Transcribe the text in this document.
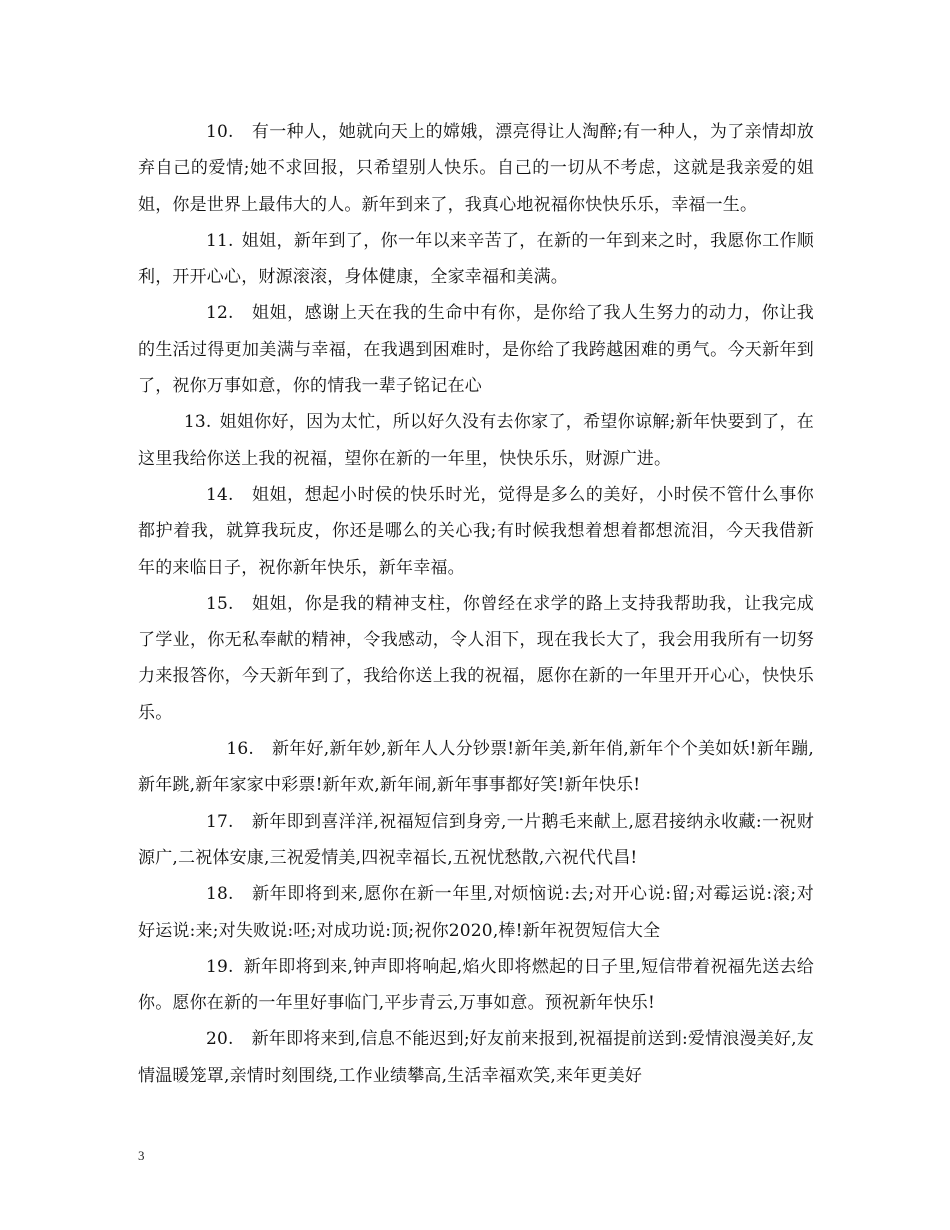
10. 有一种人，她就向天上的嫦娥，漂亮得让人淘醉;有一种人，为了亲情却放弃自己的爱情;她不求回报，只希望别人快乐。自己的一切从不考虑，这就是我亲爱的姐姐，你是世界上最伟大的人。新年到来了，我真心地祝福你快快乐乐，幸福一生。

11. 姐姐，新年到了，你一年以来辛苦了，在新的一年到来之时，我愿你工作顺利，开开心心，财源滚滚，身体健康，全家幸福和美满。

12. 姐姐，感谢上天在我的生命中有你，是你给了我人生努力的动力，你让我的生活过得更加美满与幸福，在我遇到困难时，是你给了我跨越困难的勇气。今天新年到了，祝你万事如意，你的情我一辈子铭记在心

13. 姐姐你好，因为太忙，所以好久没有去你家了，希望你谅解;新年快要到了，在这里我给你送上我的祝福，望你在新的一年里，快快乐乐，财源广进。

14. 姐姐，想起小时侯的快乐时光，觉得是多么的美好，小时侯不管什么事你都护着我，就算我玩皮，你还是哪么的关心我;有时候我想着想着都想流泪，今天我借新年的来临日子，祝你新年快乐，新年幸福。

15. 姐姐，你是我的精神支柱，你曾经在求学的路上支持我帮助我，让我完成了学业，你无私奉献的精神，令我感动，令人泪下，现在我长大了，我会用我所有一切努力来报答你，今天新年到了，我给你送上我的祝福，愿你在新的一年里开开心心，快快乐乐。

16. 新年好,新年妙,新年人人分钞票!新年美,新年俏,新年个个美如妖!新年蹦,新年跳,新年家家中彩票!新年欢,新年闹,新年事事都好笑!新年快乐!

17. 新年即到喜洋洋,祝福短信到身旁,一片鹅毛来献上,愿君接纳永收藏:一祝财源广,二祝体安康,三祝爱情美,四祝幸福长,五祝忧愁散,六祝代代昌!

18. 新年即将到来,愿你在新一年里,对烦恼说:去;对开心说:留;对霉运说:滚;对好运说:来;对失败说:呸;对成功说:顶;祝你2020,棒!新年祝贺短信大全

19. 新年即将到来,钟声即将响起,焰火即将燃起的日子里,短信带着祝福先送去给你。愿你在新的一年里好事临门,平步青云,万事如意。预祝新年快乐!

20. 新年即将来到,信息不能迟到;好友前来报到,祝福提前送到:爱情浪漫美好,友情温暖笼罩,亲情时刻围绕,工作业绩攀高,生活幸福欢笑,来年更美好

3
